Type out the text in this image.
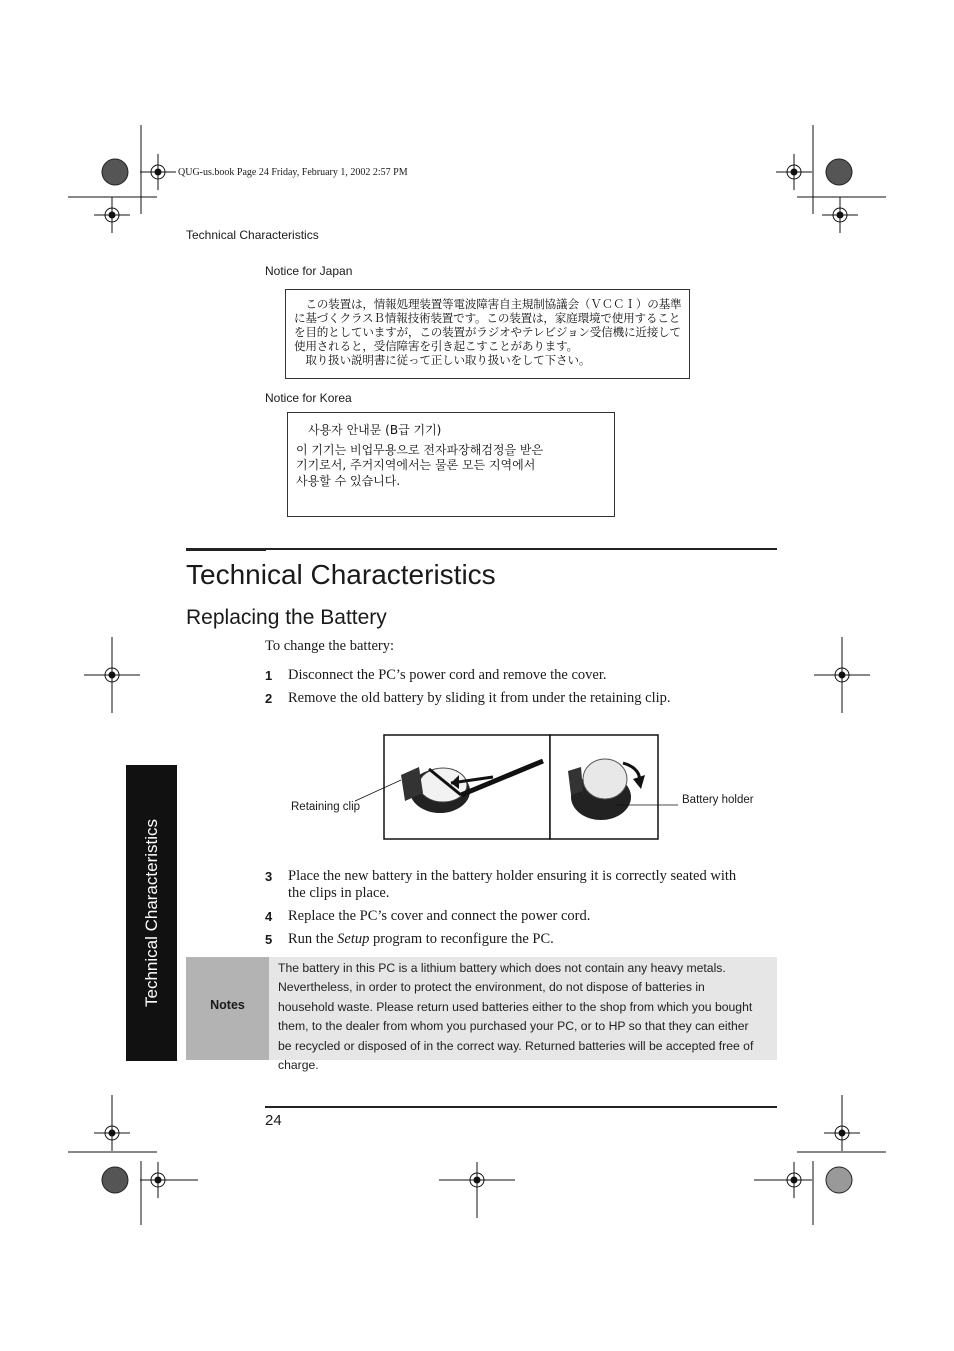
QUG-us.book Page 24 Friday, February 1, 2002 2:57 PM
Technical Characteristics
Notice for Japan
　この装置は，情報処理装置等電波障害自主規制協議会（ＶＣＣＩ）の基準
に基づくクラスＢ情報技術装置です。この装置は，家庭環境で使用すること
を目的としていますが，この装置がラジオやテレビジョン受信機に近接して
使用されると，受信障害を引き起こすことがあります。
　取り扱い説明書に従って正しい取り扱いをして下さい。
Notice for Korea
사용자 안내문 (B급 기기)
이 기기는 비업무용으로 전자파장해검정을 받은
기기로서, 주거지역에서는 물론 모든 지역에서
사용할 수 있습니다.
Technical Characteristics
Replacing the Battery
To change the battery:
1 Disconnect the PC’s power cord and remove the cover.
2 Remove the old battery by sliding it from under the retaining clip.
Retaining clip
Battery holder
3 Place the new battery in the battery holder ensuring it is correctly seated with the clips in place.
4 Replace the PC’s cover and connect the power cord.
5 Run the Setup program to reconfigure the PC.
Technical Characteristics	Notes
The battery in this PC is a lithium battery which does not contain any heavy metals. Nevertheless, in order to protect the environment, do not dispose of batteries in household waste. Please return used batteries either to the shop from which you bought them, to the dealer from whom you purchased your PC, or to HP so that they can either be recycled or disposed of in the correct way. Returned batteries will be accepted free of charge.
24
